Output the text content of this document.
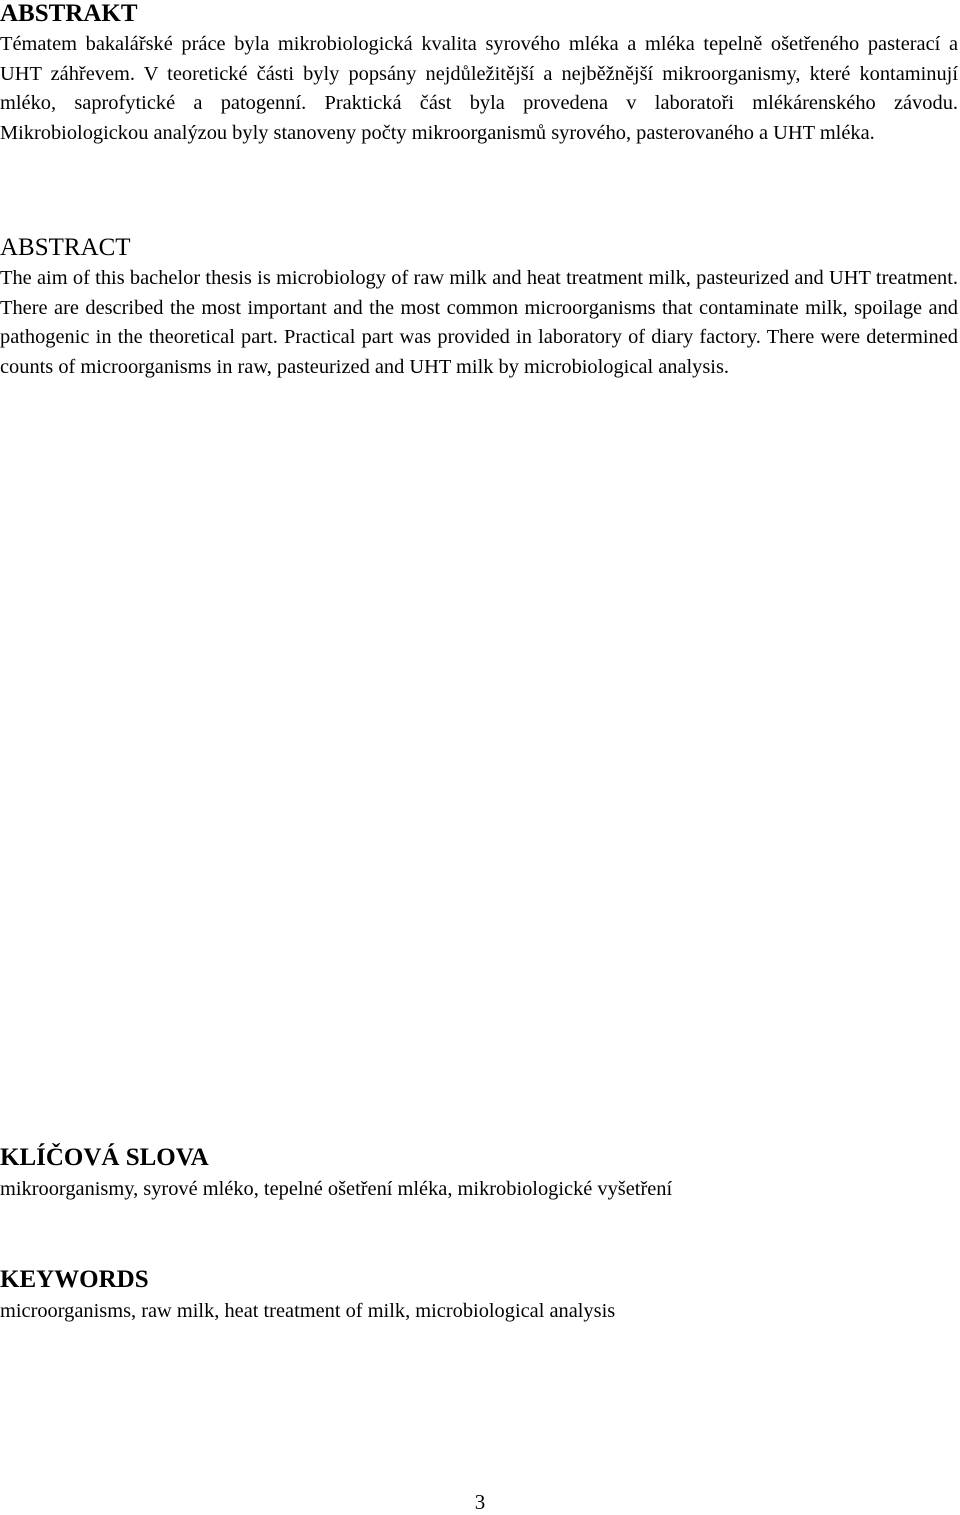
ABSTRAKT

Tématem bakalářské práce byla mikrobiologická kvalita syrového mléka a mléka tepelně ošetřeného pasterací a UHT záhřevem. V teoretické části byly popsány nejdůležitější a nejběžnější mikroorganismy, které kontaminují mléko, saprofytické a patogenní. Praktická část byla provedena v laboratoři mlékárenského závodu. Mikrobiologickou analýzou byly stanoveny počty mikroorganismů syrového, pasterovaného a UHT mléka.

ABSTRACT

The aim of this bachelor thesis is microbiology of raw milk and heat treatment milk, pasteurized and UHT treatment. There are described the most important and the most common microorganisms that contaminate milk, spoilage and pathogenic in the theoretical part. Practical part was provided in laboratory of diary factory. There were determined counts of microorganisms in raw, pasteurized and UHT milk by microbiological analysis.

KLÍČOVÁ SLOVA

mikroorganismy, syrové mléko, tepelné ošetření mléka, mikrobiologické vyšetření

KEYWORDS

microorganisms, raw milk, heat treatment of milk, microbiological analysis

3
